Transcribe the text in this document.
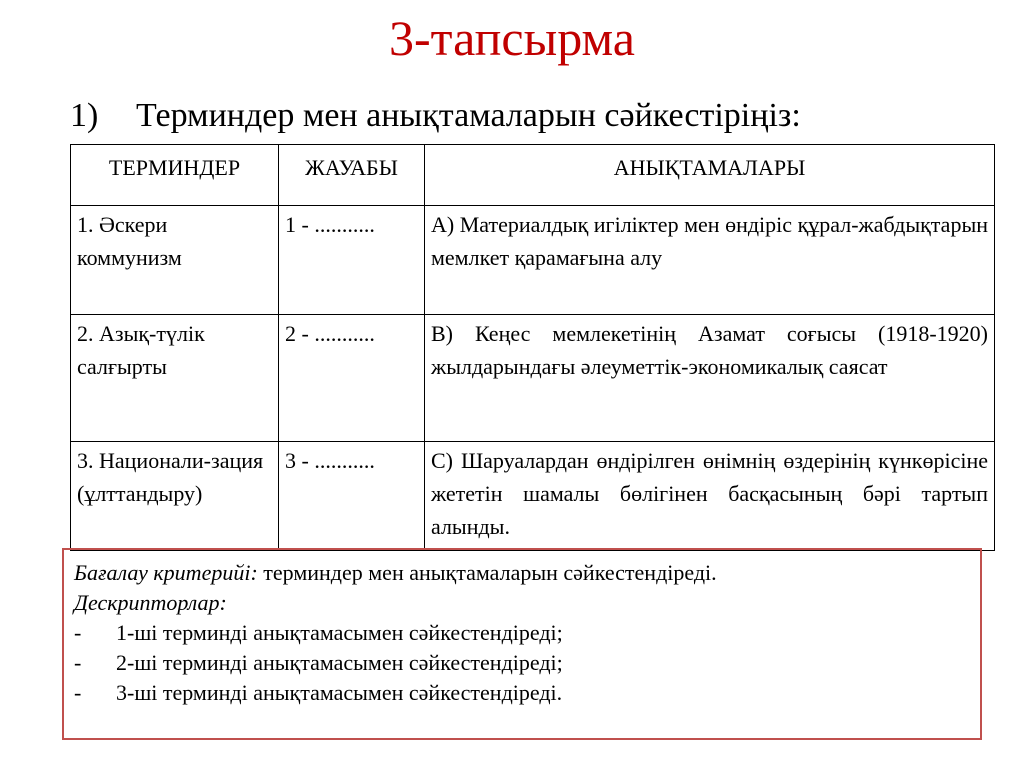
3-тапсырма
1) Терминдер мен анықтамаларын сәйкестіріңіз:
ТЕРМИНДЕР	ЖАУАБЫ	АНЫҚТАМАЛАРЫ
1. Әскери коммунизм	1 - ...........	А) Материалдық игіліктер мен өндіріс құрал-жабдықтарын мемлкет қарамағына алу
2. Азық-түлік салғырты	2 - ...........	В) Кеңес мемлекетінің Азамат соғысы (1918-1920) жылдарындағы әлеуметтік-экономикалық саясат
3. Национали-зация (ұлттандыру)	3 - ...........	С) Шаруалардан өндірілген өнімнің өздерінің күнкөрісіне жететін шамалы бөлігінен басқасының бәрі тартып алынды.
Бағалау критерийі: терминдер мен анықтамаларын сәйкестендіреді.
Дескрипторлар:
-	1-ші терминді анықтамасымен сәйкестендіреді;
-	2-ші терминді анықтамасымен сәйкестендіреді;
-	3-ші терминді анықтамасымен сәйкестендіреді.
